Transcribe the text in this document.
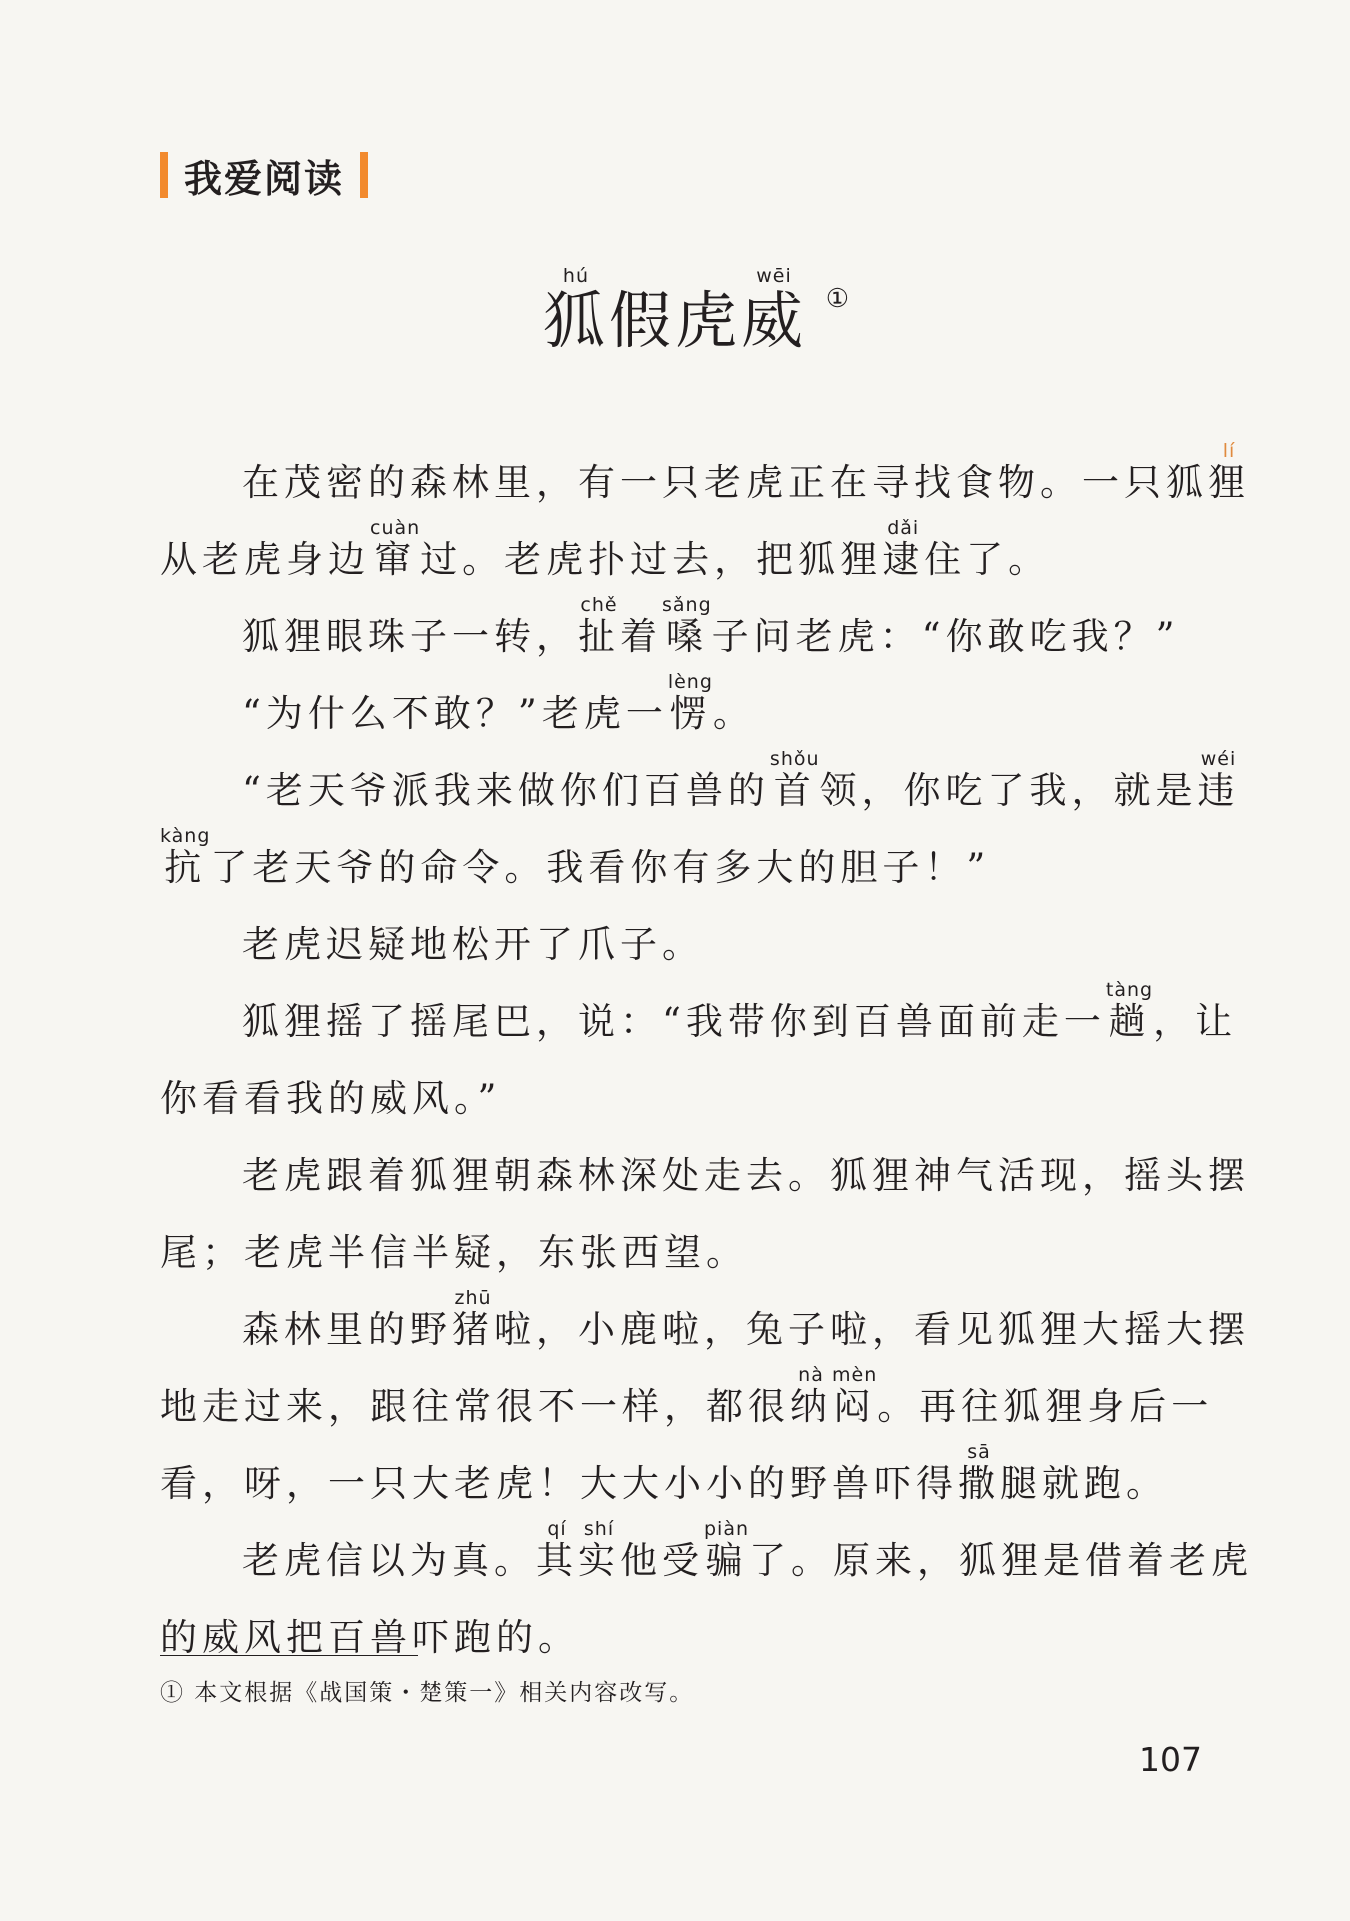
我爱阅读
狐hú假虎威wēi
①
在茂密的森林里，有一只老虎正在寻找食物。一只狐 狸lí
从老虎身边 窜cuàn
过。老虎扑过去，把狐狸 逮dǎi
住了。
狐狸眼珠子一转， 扯chě
着 嗓sǎng
子问老虎：“你敢吃我？”
“为什么不敢？”老虎一 愣lèng
。
“老天爷派我来做你们百兽的 首shǒu
领，你吃了我，就是 违wéi
抗kàng
了老天爷的命令。我看你有多大的胆子！”
老虎迟疑地松开了爪子。
狐狸摇了摇尾巴，说：“我带你到百兽面前走一 趟tàng
，让
你看看我的威风。”
老虎跟着狐狸朝森林深处走去。狐狸神气活现，摇头摆
尾；老虎半信半疑，东张西望。
森林里的野 猪zhū
啦，小鹿啦，兔子啦，看见狐狸大摇大摆
地走过来，跟往常很不一样，都很 纳nà
闷mèn
。再往狐狸身后一
看，呀，一只大老虎！大大小小的野兽吓得 撒sā
腿就跑。
老虎信以为真。 其qí
实shí
他受 骗piàn
了。原来，狐狸是借着老虎
的威风把百兽吓跑的。
① 本文根据《战国策・楚策一》相关内容改写。
107
